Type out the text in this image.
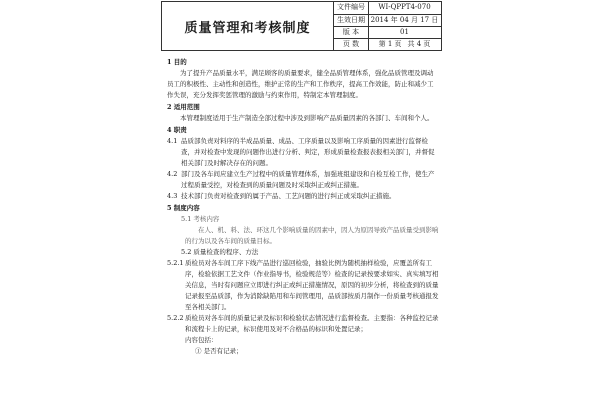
质量管理和考核制度
文件编号	WI-QPPT4-070
生效日期 2014 年 04 月 17 日
版 本	01
页 数	第 1 页 共 4 页
1 目的
为了提升产品质量水平，满足顾客的质量要求，健全品质管理体系，强化品质管理及调动员工的积极性、主动性和创造性，维护正常的生产和工作秩序，提高工作效能，防止和减少工作失误，充分发挥奖惩管理的激励与约束作用，特制定本管理制度。
2 适用范围
本管理制度适用于生产制造全部过程中涉及到影响产品质量因素的各部门、车间和个人。
4 职责
4.1 品质部负责对料序的半成品质量、成品、工序质量以及影响工序质量的因素进行监督检查，并对检查中发现的问题作出进行分析、判定，形成质量检查报表报相关部门，并督促相关部门及时解决存在的问题。
4.2 部门及各车间应建立生产过程中的质量管理体系，加强班组建设和自检互检工作，使生产过程质量受控，对检查到的质量问题及时采取纠正或纠正措施。
4.3 技术部门负责对检查到的属于产品、工艺问题的进行纠正或采取纠正措施。
5 制度内容
5.1 考核内容
在人、机、料、法、环这几个影响质量的因素中，因人为原因导致产品质量受到影响的行为以及各车间的质量目标。
5.2 质量检查的程序、方法
5.2.1 质检员对各车间工序下线产品进行巡回检验，抽验比例为随机抽样检验，应覆盖所有工序，检验依据工艺文件（作业指导书，检验规范等）检查的记录按要求如实、真实填写相关信息，当时有问题应立即进行纠正或纠正措施情况，原因的初步分析，将检查到的质量记录报至品质部，作为消除缺陷用和车间管理用，品质部按质月制作一份质量考核通报发至各相关部门。
5.2.2 质检员对各车间的质量记录及标识和检验状态情况进行监督检查。主要指：各种监控记录和流程卡上的记录，标识使用及对不合格品的标识和处置记录；
内容包括：
① 是否有记录；
